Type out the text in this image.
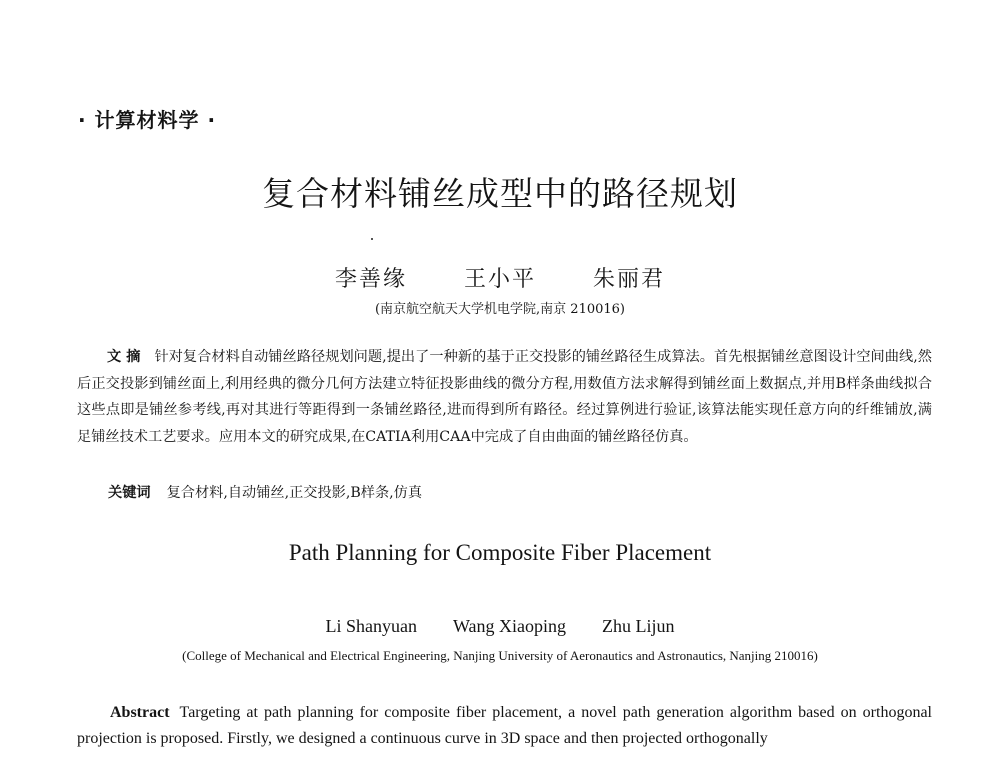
· 计算材料学 ·
复合材料铺丝成型中的路径规划
李善缘	王小平	朱丽君
(南京航空航天大学机电学院,南京 210016)
文 摘 针对复合材料自动铺丝路径规划问题,提出了一种新的基于正交投影的铺丝路径生成算法。首先根据铺丝意图设计空间曲线,然后正交投影到铺丝面上,利用经典的微分几何方法建立特征投影曲线的微分方程,用数值方法求解得到铺丝面上数据点,并用B样条曲线拟合这些点即是铺丝参考线,再对其进行等距得到一条铺丝路径,进而得到所有路径。经过算例进行验证,该算法能实现任意方向的纤维铺放,满足铺丝技术工艺要求。应用本文的研究成果,在CATIA利用CAA中完成了自由曲面的铺丝路径仿真。
关键词 复合材料,自动铺丝,正交投影,B样条,仿真
Path Planning for Composite Fiber Placement
Li Shanyuan Wang Xiaoping Zhu Lijun
(College of Mechanical and Electrical Engineering, Nanjing University of Aeronautics and Astronautics, Nanjing 210016)
Abstract Targeting at path planning for composite fiber placement, a novel path generation algorithm based on orthogonal projection is proposed. Firstly, we designed a continuous curve in 3D space and then projected orthogonally
